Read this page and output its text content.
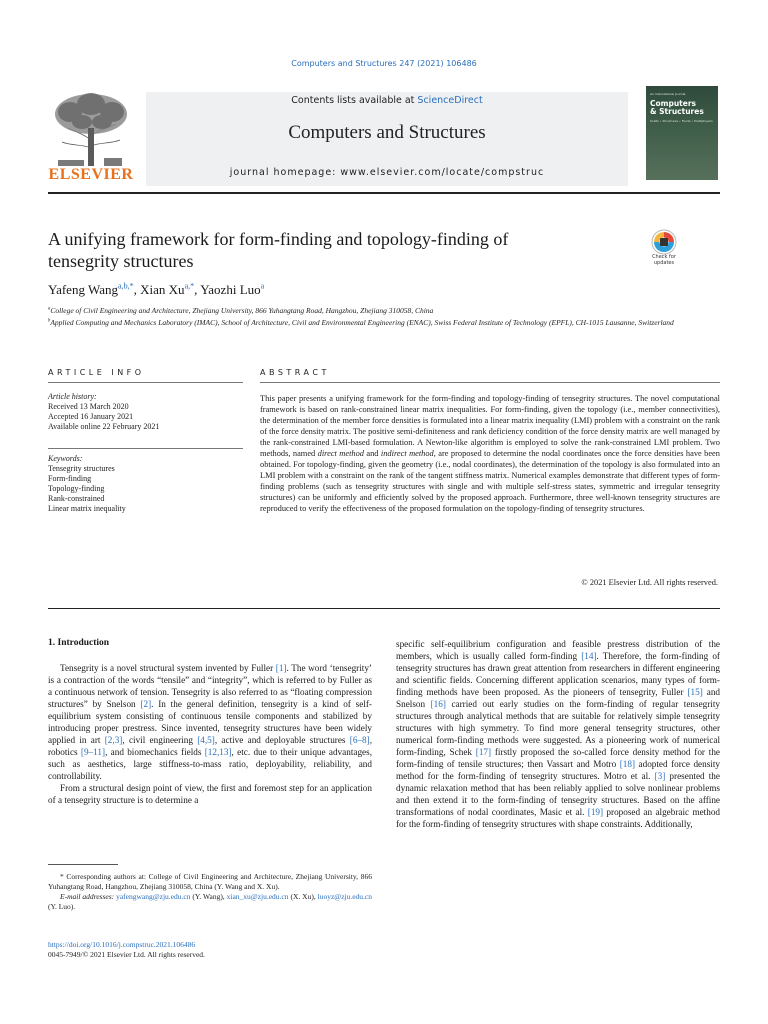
Computers and Structures 247 (2021) 106486
ELSEVIER
Contents lists available at ScienceDirect
Computers and Structures
journal homepage: www.elsevier.com/locate/compstruc
An International Journal
Computers
& Structures
Solids • Structures • Fluids • Multiphysics
A unifying framework for form-finding and topology-finding of
tensegrity structures	Check for updates
Yafeng Wang$^{a,b,*}$, Xian $Xu^{a,*}$, Yaozhi Luo$^a$
$^a$College of Civil Engineering and Architecture, Zhejiang University, 866 Yuhangtang Road, Hangzhou, Zhejiang 310058, China
$^b$Applied Computing and Mechanics Laboratory (IMAC), School of Architecture, Civil and Environmental Engineering (ENAC), Swiss Federal Institute of Technology (EPFL), CH-1015 Lausanne, Switzerland
ARTICLE INFO	ABSTRACT
Article history:
Received 13 March 2020
Accepted 16 January 2021
Available online 22 February 2021
Keywords:
Tensegrity structures
Form-finding
Topology-finding
Rank-constrained
Linear matrix inequality
This paper presents a unifying framework for the form-finding and topology-finding of tensegrity structures. The novel computational framework is based on rank-constrained linear matrix inequalities. For form-finding, given the topology (i.e., member connectivities), the determination of the member force densities is formulated into a linear matrix inequality (LMI) problem with a constraint on the rank of the force density matrix. The positive semi-definiteness and rank deficiency condition of the force density matrix are well managed by the rank-constrained LMI-based formulation. A Newton-like algorithm is employed to solve the rank-constrained LMI problem. Two methods, named direct method and indirect method, are proposed to determine the nodal coordinates once the force densities have been obtained. For topology-finding, given the geometry (i.e., nodal coordinates), the determination of the topology is also formulated into an LMI problem with a constraint on the rank of the tangent stiffness matrix. Numerical examples demonstrate that different types of form-finding problems (such as tensegrity structures with single and with multiple self-stress states, symmetric and irregular tensegrity structures) can be uniformly and efficiently solved by the proposed approach. Furthermore, three well-known tensegrity structures are reproduced to verify the effectiveness of the proposed formulation on the topology-finding of tensegrity structures.
© 2021 Elsevier Ltd. All rights reserved.
1. Introduction

Tensegrity is a novel structural system invented by Fuller [1]. The word ‘tensegrity’ is a contraction of the words “tensile” and “integrity”, which is referred to by Fuller as a continuous network of tension. Tensegrity is also referred to as “floating compression structures” by Snelson [2]. In the general definition, tensegrity is a kind of self-equilibrium system consisting of continuous tensile components and stabilized by introducing proper prestress. Since invented, tensegrity structures have been widely applied in art [2,3], civil engineering [4,5], active and deployable structures [6–8], robotics [9–11], and biomechanics fields [12,13], etc. due to their unique advantages, such as aesthetics, large stiffness-to-mass ratio, deployability, reliability, and controllability.

From a structural design point of view, the first and foremost step for an application of a tensegrity structure is to determine a

specific self-equilibrium configuration and feasible prestress distribution of the members, which is usually called form-finding [14]. Therefore, the form-finding of tensegrity structures has drawn great attention from researchers in different engineering and scientific fields. Concerning different application scenarios, many types of form-finding methods have been proposed. As the pioneers of tensegrity, Fuller [15] and Snelson [16] carried out early studies on the form-finding of regular tensegrity structures through analytical methods that are suitable for relatively simple tensegrity structures with high symmetry. To find more general tensegrity structures, other numerical form-finding methods were suggested. As a pioneering work of numerical form-finding, Schek [17] firstly proposed the so-called force density method for the form-finding of tensile structures; then Vassart and Motro [18] adopted force density method for the form-finding of tensegrity structures. Motro et al. [3] presented the dynamic relaxation method that has been reliably applied to solve nonlinear problems and then extend it to the form-finding of tensegrity structures. Based on the affine transformations of nodal coordinates, Masic et al. [19] proposed an algebraic method for the form-finding of tensegrity structures with shape constraints. Additionally,

* Corresponding authors at: College of Civil Engineering and Architecture, Zhejiang University, 866 Yuhangtang Road, Hangzhou, Zhejiang 310058, China (Y. Wang and X. Xu).

E-mail addresses: yafengwang@zju.edu.cn (Y. Wang), xian_xu@zju.edu.cn (X. Xu), luoyz@zju.edu.cn (Y. Luo).

https://doi.org/10.1016/j.compstruc.2021.106486
0045-7949/© 2021 Elsevier Ltd. All rights reserved.
